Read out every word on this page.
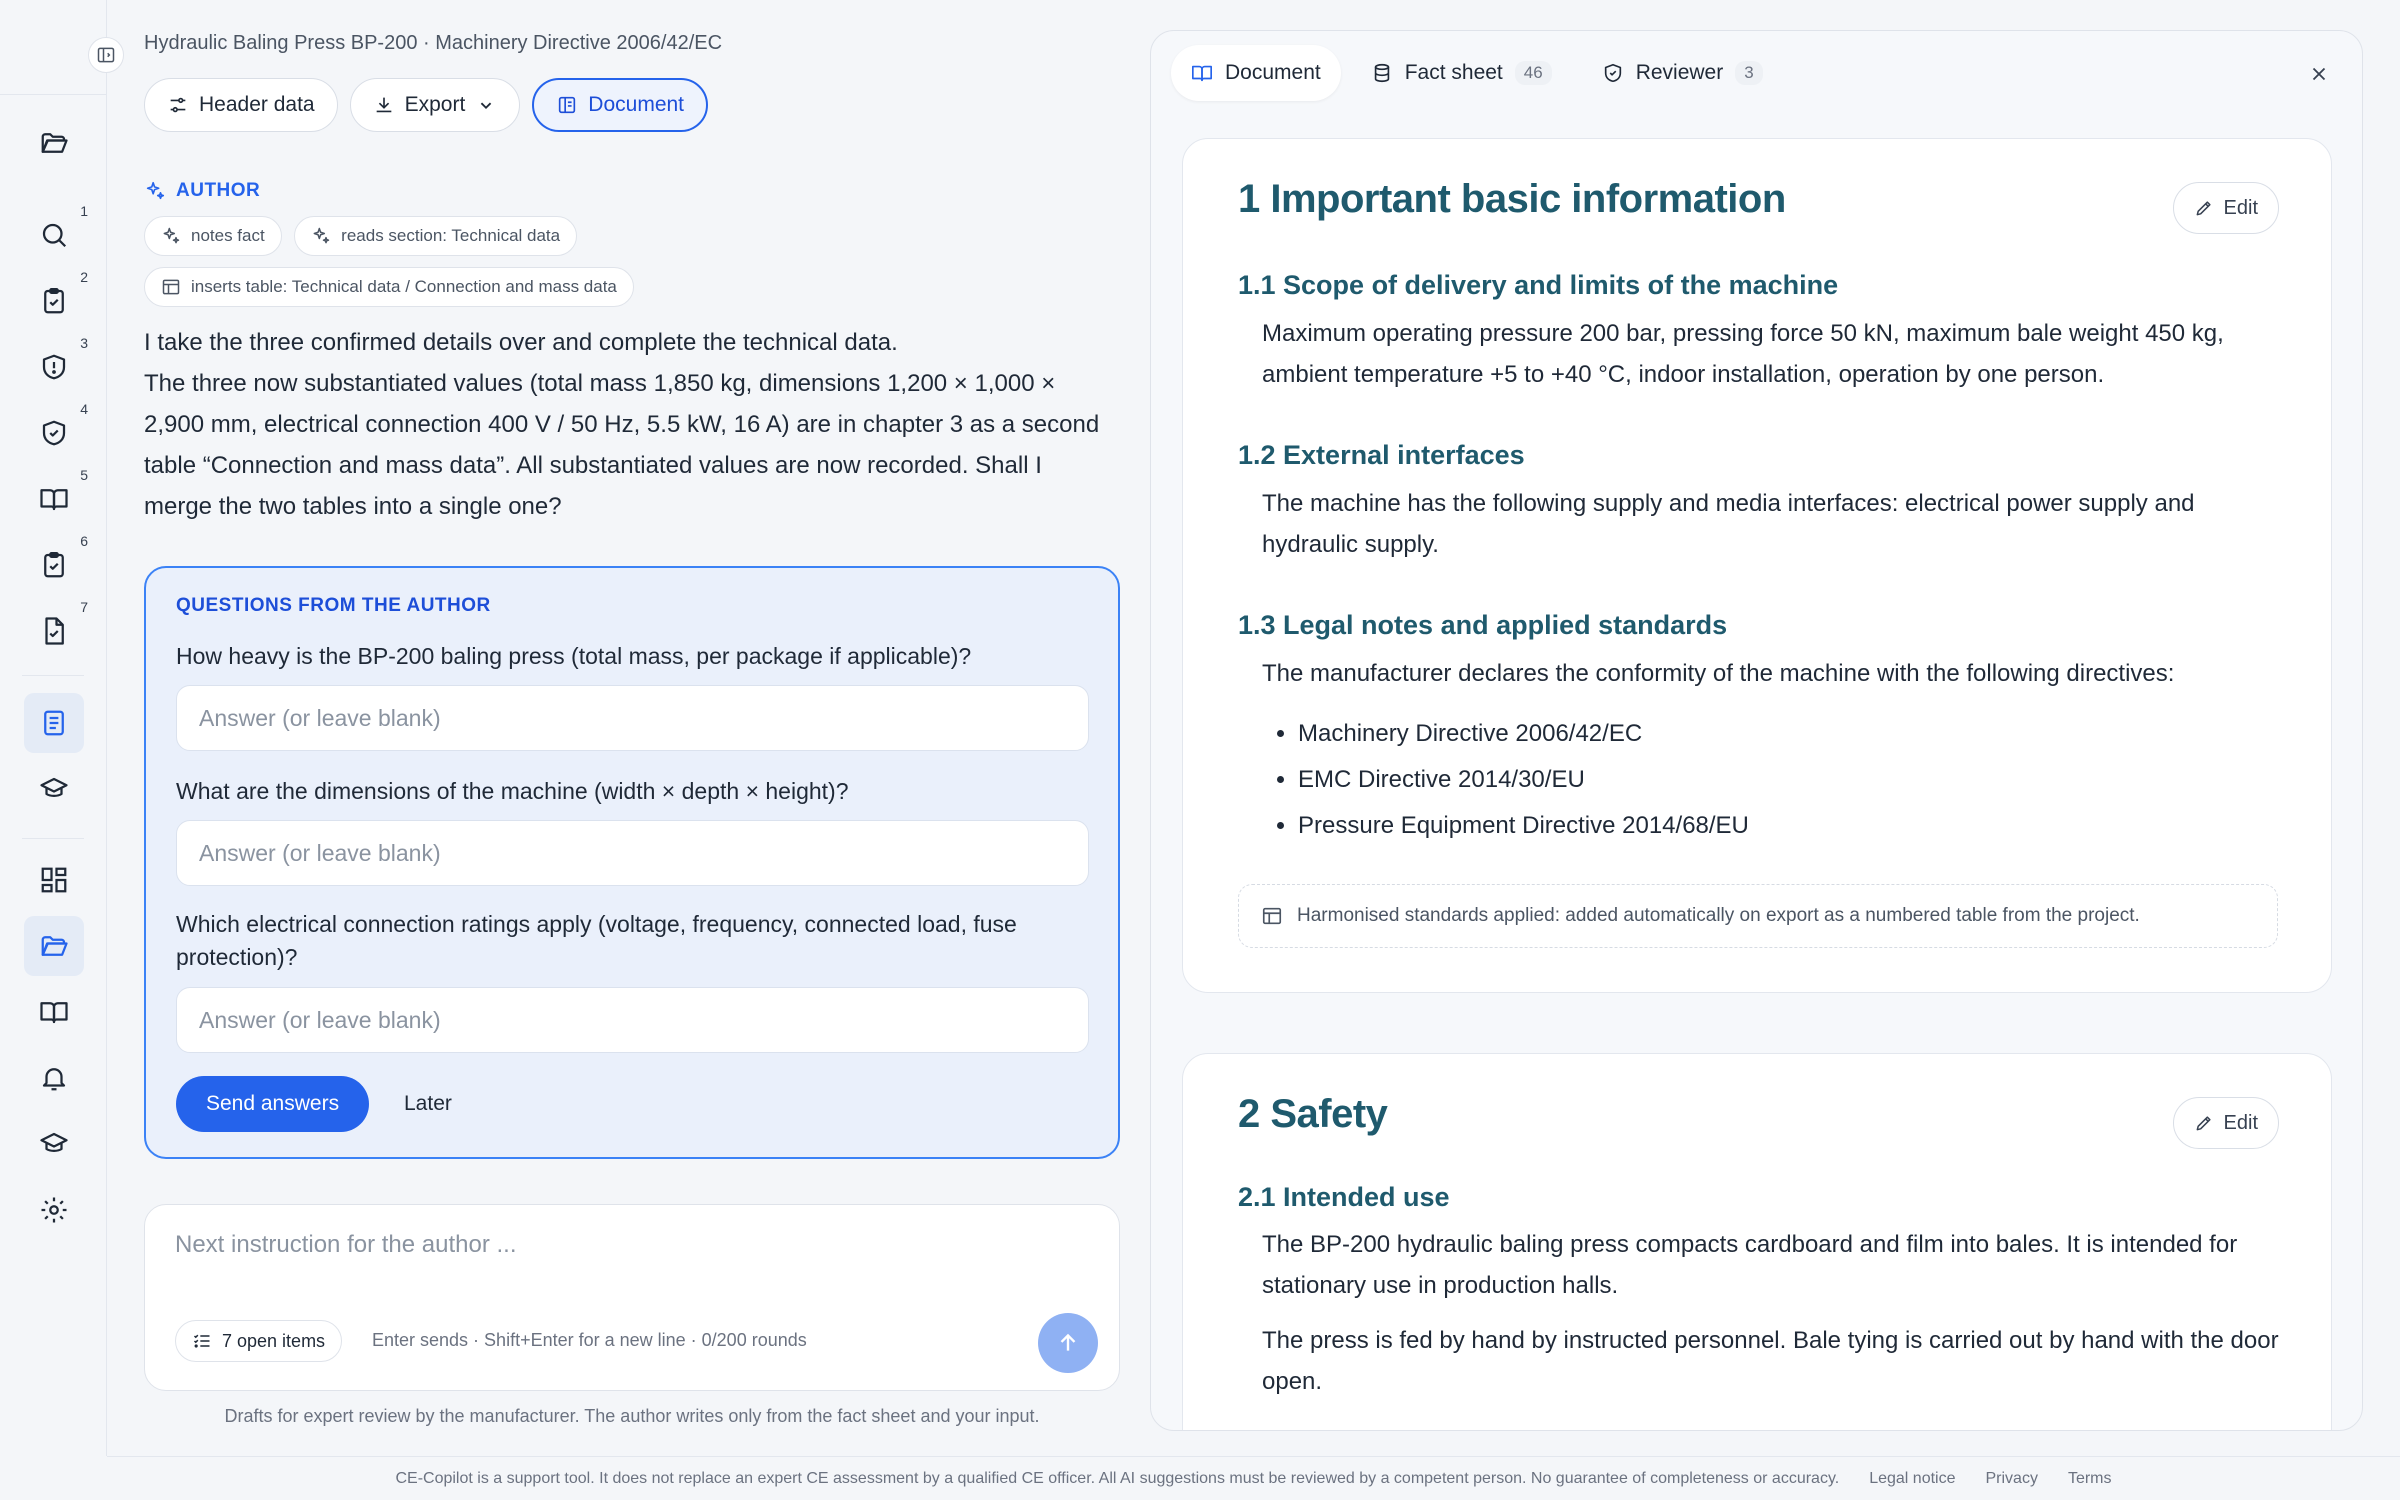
1
2
3
4
5
6
7
Hydraulic Baling Press BP-200 · Machinery Directive 2006/42/EC
Header data	Export	Document
AUTHOR
notes fact
	reads section: Technical data
inserts table: Technical data / Connection and mass data

I take the three confirmed details over and complete the technical data.

The three now substantiated values (total mass 1,850 kg, dimensions 1,200 × 1,000 × 2,900 mm, electrical connection 400 V / 50 Hz, 5.5 kW, 16 A) are in chapter 3 as a second table “Connection and mass data”. All substantiated values are now recorded. Shall I merge the two tables into a single one?

QUESTIONS FROM THE AUTHOR
How heavy is the BP-200 baling press (total mass, per package if applicable)?
Answer (or leave blank)
What are the dimensions of the machine (width × depth × height)?
Answer (or leave blank)
Which electrical connection ratings apply (voltage, frequency, connected load, fuse protection)?
Answer (or leave blank)
Send answers	Later
Next instruction for the author ...
7 open items	Enter sends · Shift+Enter for a new line · 0/200 rounds
Drafts for expert review by the manufacturer. The author writes only from the fact sheet and your input.
Document	Fact sheet	46	Reviewer	3
1 Important basic information	Edit
1.1 Scope of delivery and limits of the machine
Maximum operating pressure 200 bar, pressing force 50 kN, maximum bale weight 450 kg, ambient temperature +5 to +40 °C, indoor installation, operation by one person.
1.2 External interfaces
The machine has the following supply and media interfaces: electrical power supply and hydraulic supply.
1.3 Legal notes and applied standards
The manufacturer declares the conformity of the machine with the following directives:
• Machinery Directive 2006/42/EC
• EMC Directive 2014/30/EU
• Pressure Equipment Directive 2014/68/EU
Harmonised standards applied: added automatically on export as a numbered table from the project.
2 Safety	Edit
2.1 Intended use
The BP-200 hydraulic baling press compacts cardboard and film into bales. It is intended for stationary use in production halls.
The press is fed by hand by instructed personnel. Bale tying is carried out by hand with the door open.
CE-Copilot is a support tool. It does not replace an expert CE assessment by a qualified CE officer. All AI suggestions must be reviewed by a competent person. No guarantee of completeness or accuracy. Legal notice Privacy Terms
